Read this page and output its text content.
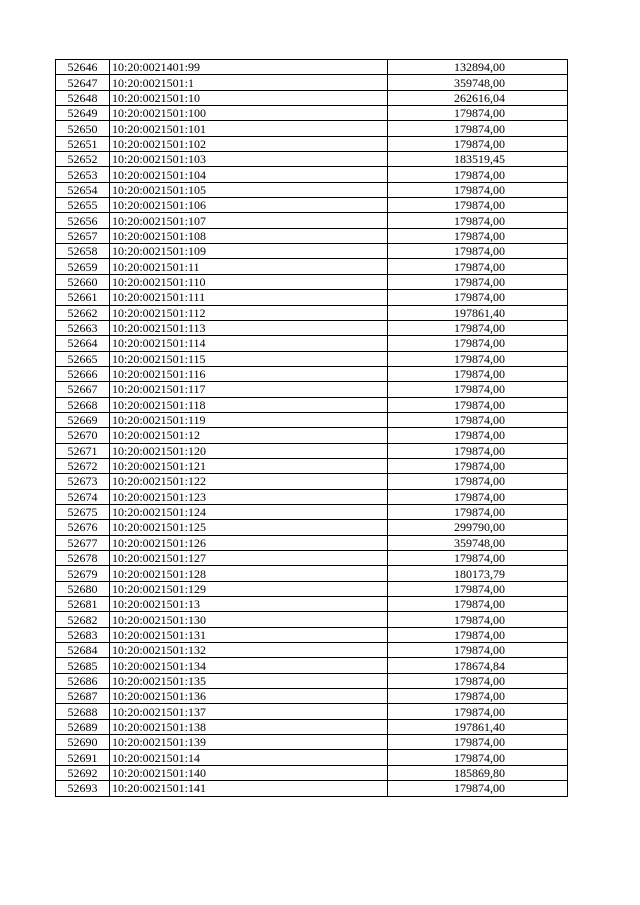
52646	10:20:0021401:99	132894,00
52647	10:20:0021501:1	359748,00
52648	10:20:0021501:10	262616,04
52649	10:20:0021501:100	179874,00
52650	10:20:0021501:101	179874,00
52651	10:20:0021501:102	179874,00
52652	10:20:0021501:103	183519,45
52653	10:20:0021501:104	179874,00
52654	10:20:0021501:105	179874,00
52655	10:20:0021501:106	179874,00
52656	10:20:0021501:107	179874,00
52657	10:20:0021501:108	179874,00
52658	10:20:0021501:109	179874,00
52659	10:20:0021501:11	179874,00
52660	10:20:0021501:110	179874,00
52661	10:20:0021501:111	179874,00
52662	10:20:0021501:112	197861,40
52663	10:20:0021501:113	179874,00
52664	10:20:0021501:114	179874,00
52665	10:20:0021501:115	179874,00
52666	10:20:0021501:116	179874,00
52667	10:20:0021501:117	179874,00
52668	10:20:0021501:118	179874,00
52669	10:20:0021501:119	179874,00
52670	10:20:0021501:12	179874,00
52671	10:20:0021501:120	179874,00
52672	10:20:0021501:121	179874,00
52673	10:20:0021501:122	179874,00
52674	10:20:0021501:123	179874,00
52675	10:20:0021501:124	179874,00
52676	10:20:0021501:125	299790,00
52677	10:20:0021501:126	359748,00
52678	10:20:0021501:127	179874,00
52679	10:20:0021501:128	180173,79
52680	10:20:0021501:129	179874,00
52681	10:20:0021501:13	179874,00
52682	10:20:0021501:130	179874,00
52683	10:20:0021501:131	179874,00
52684	10:20:0021501:132	179874,00
52685	10:20:0021501:134	178674,84
52686	10:20:0021501:135	179874,00
52687	10:20:0021501:136	179874,00
52688	10:20:0021501:137	179874,00
52689	10:20:0021501:138	197861,40
52690	10:20:0021501:139	179874,00
52691	10:20:0021501:14	179874,00
52692	10:20:0021501:140	185869,80
52693	10:20:0021501:141	179874,00
